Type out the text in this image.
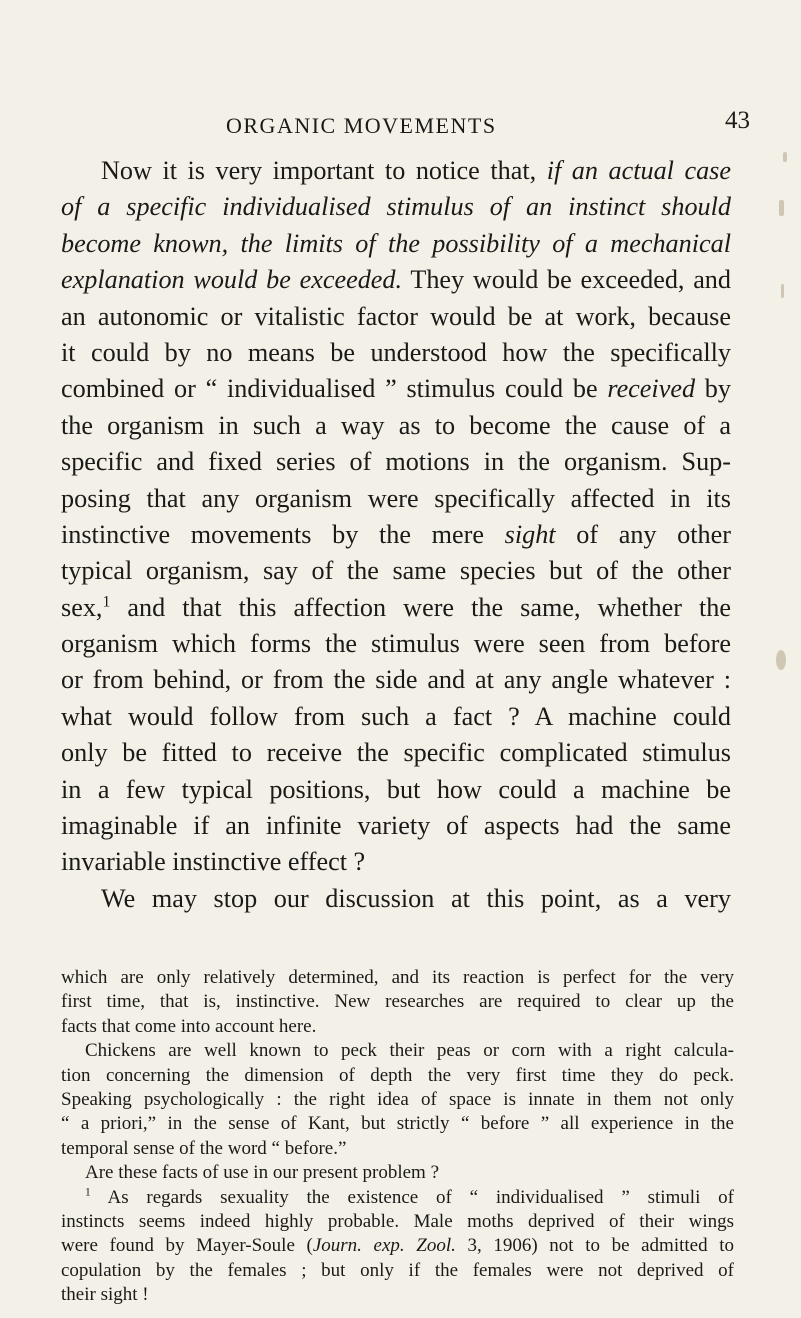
ORGANIC MOVEMENTS	43
Now it is very important to notice that, if an actual case
of a specific individualised stimulus of an instinct should
become known, the limits of the possibility of a mechanical
explanation would be exceeded. They would be exceeded, and
an autonomic or vitalistic factor would be at work, because
it could by no means be understood how the specifically
combined or “ individualised ” stimulus could be received by
the organism in such a way as to become the cause of a
specific and fixed series of motions in the organism. Sup-
posing that any organism were specifically affected in its
instinctive movements by the mere sight of any other
typical organism, say of the same species but of the other
sex,$^1$ and that this affection were the same, whether the
organism which forms the stimulus were seen from before
or from behind, or from the side and at any angle whatever :
what would follow from such a fact ? A machine could
only be fitted to receive the specific complicated stimulus
in a few typical positions, but how could a machine be
imaginable if an infinite variety of aspects had the same
invariable instinctive effect ?
We may stop our discussion at this point, as a very
which are only relatively determined, and its reaction is perfect for the very
first time, that is, instinctive. New researches are required to clear up the
facts that come into account here.
Chickens are well known to peck their peas or corn with a right calcula-
tion concerning the dimension of depth the very first time they do peck.
Speaking psychologically : the right idea of space is innate in them not only
“ a priori,” in the sense of Kant, but strictly “ before ” all experience in the
temporal sense of the word “ before.”
Are these facts of use in our present problem ?
$^1$ As regards sexuality the existence of “ individualised ” stimuli of
instincts seems indeed highly probable. Male moths deprived of their wings
were found by Mayer-Soule (Journ. exp. Zool. 3, 1906) not to be admitted to
copulation by the females ; but only if the females were not deprived of
their sight !
